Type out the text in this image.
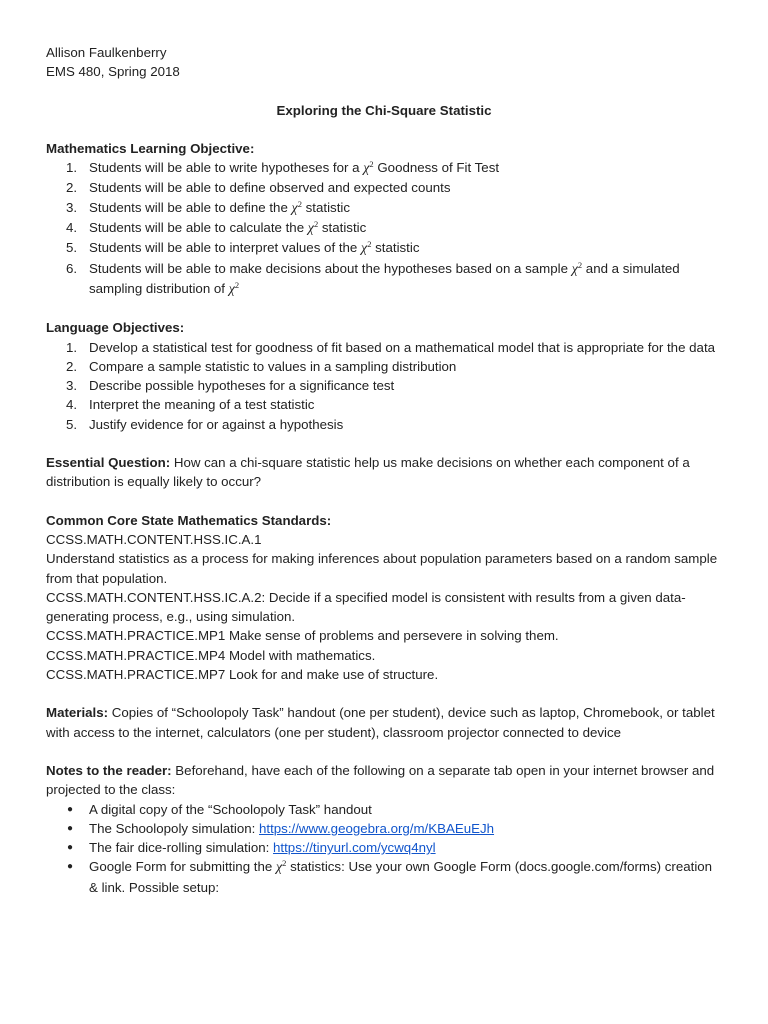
Allison Faulkenberry

EMS 480, Spring 2018

Exploring the Chi-Square Statistic

Mathematics Learning Objective:

1. Students will be able to write hypotheses for a $\chi^2$ Goodness of Fit Test
2. Students will be able to define observed and expected counts
3. Students will be able to define the $\chi^2$ statistic
4. Students will be able to calculate the $\chi^2$ statistic
5. Students will be able to interpret values of the $\chi^2$ statistic
6. Students will be able to make decisions about the hypotheses based on a sample $\chi^2$ and a simulated sampling distribution of $\chi^2$

Language Objectives:

1. Develop a statistical test for goodness of fit based on a mathematical model that is appropriate for the data
2. Compare a sample statistic to values in a sampling distribution
3. Describe possible hypotheses for a significance test
4. Interpret the meaning of a test statistic
5. Justify evidence for or against a hypothesis

Essential Question: How can a chi-square statistic help us make decisions on whether each component of a distribution is equally likely to occur?

Common Core State Mathematics Standards:

CCSS.MATH.CONTENT.HSS.IC.A.1

Understand statistics as a process for making inferences about population parameters based on a random sample from that population.

CCSS.MATH.CONTENT.HSS.IC.A.2: Decide if a specified model is consistent with results from a given data-generating process, e.g., using simulation.

CCSS.MATH.PRACTICE.MP1 Make sense of problems and persevere in solving them.

CCSS.MATH.PRACTICE.MP4 Model with mathematics.

CCSS.MATH.PRACTICE.MP7 Look for and make use of structure.

Materials: Copies of “Schoolopoly Task” handout (one per student), device such as laptop, Chromebook, or tablet with access to the internet, calculators (one per student), classroom projector connected to device

Notes to the reader: Beforehand, have each of the following on a separate tab open in your internet browser and projected to the class:

● A digital copy of the “Schoolopoly Task” handout
● The Schoolopoly simulation: https://www.geogebra.org/m/KBAEuEJh
● The fair dice-rolling simulation: https://tinyurl.com/ycwq4nyl
● Google Form for submitting the $\chi^2$ statistics: Use your own Google Form (docs.google.com/forms) creation & link. Possible setup:
